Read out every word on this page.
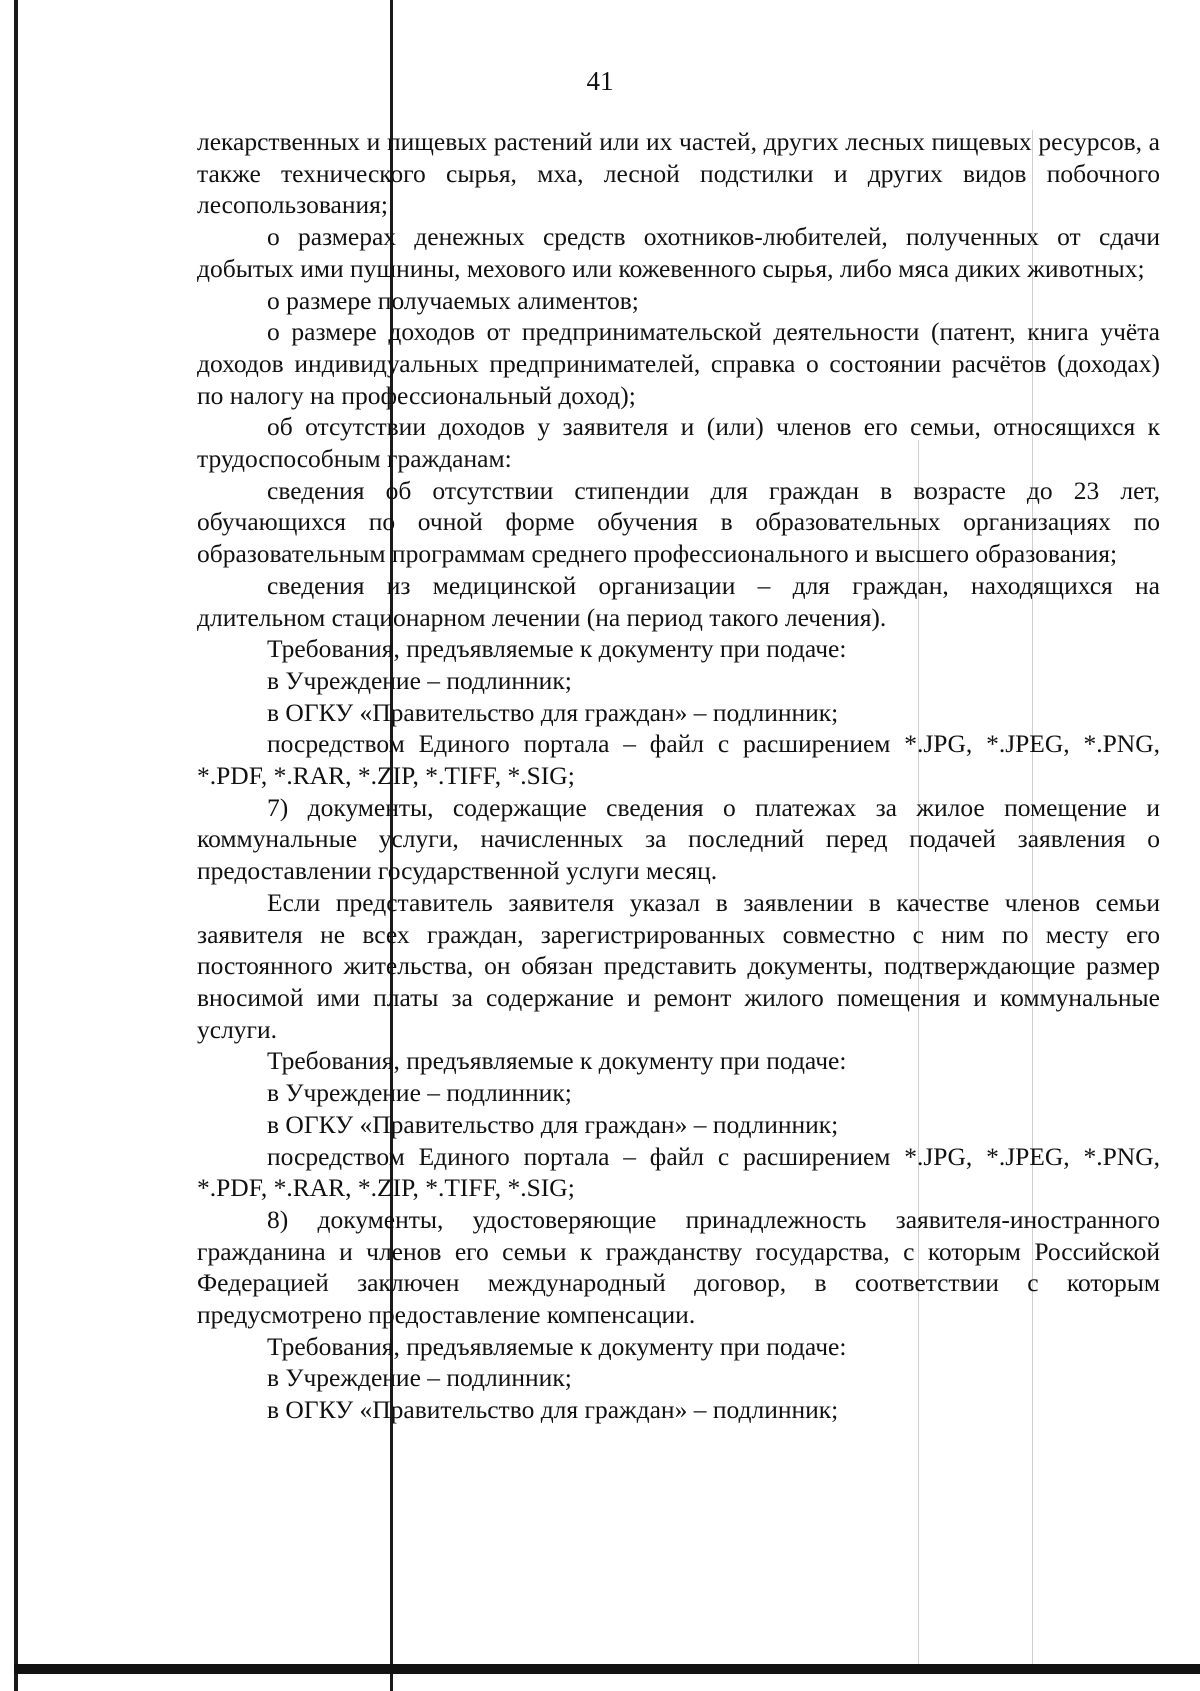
41

лекарственных и пищевых растений или их частей, других лесных пищевых ресурсов, а также технического сырья, мха, лесной подстилки и других видов побочного лесопользования;

о размерах денежных средств охотников-любителей, полученных от сдачи добытых ими пушнины, мехового или кожевенного сырья, либо мяса диких животных;

о размере получаемых алиментов;

о размере доходов от предпринимательской деятельности (патент, книга учёта доходов индивидуальных предпринимателей, справка о состоянии расчётов (доходах) по налогу на профессиональный доход);

об отсутствии доходов у заявителя и (или) членов его семьи, относящихся к трудоспособным гражданам:

сведения об отсутствии стипендии для граждан в возрасте до 23 лет, обучающихся по очной форме обучения в образовательных организациях по образовательным программам среднего профессионального и высшего образования;

сведения из медицинской организации – для граждан, находящихся на длительном стационарном лечении (на период такого лечения).

Требования, предъявляемые к документу при подаче:

в Учреждение – подлинник;

в ОГКУ «Правительство для граждан» – подлинник;

посредством Единого портала – файл с расширением *.JPG, *.JPEG, *.PNG, *.PDF, *.RAR, *.ZIP, *.TIFF, *.SIG;

7) документы, содержащие сведения о платежах за жилое помещение и коммунальные услуги, начисленных за последний перед подачей заявления о предоставлении государственной услуги месяц.

Если представитель заявителя указал в заявлении в качестве членов семьи заявителя не всех граждан, зарегистрированных совместно с ним по месту его постоянного жительства, он обязан представить документы, подтверждающие размер вносимой ими платы за содержание и ремонт жилого помещения и коммунальные услуги.

Требования, предъявляемые к документу при подаче:

в Учреждение – подлинник;

в ОГКУ «Правительство для граждан» – подлинник;

посредством Единого портала – файл с расширением *.JPG, *.JPEG, *.PNG, *.PDF, *.RAR, *.ZIP, *.TIFF, *.SIG;

8) документы, удостоверяющие принадлежность заявителя-иностранного гражданина и членов его семьи к гражданству государства, с которым Российской Федерацией заключен международный договор, в соответствии с которым предусмотрено предоставление компенсации.

Требования, предъявляемые к документу при подаче:

в Учреждение – подлинник;

в ОГКУ «Правительство для граждан» – подлинник;
